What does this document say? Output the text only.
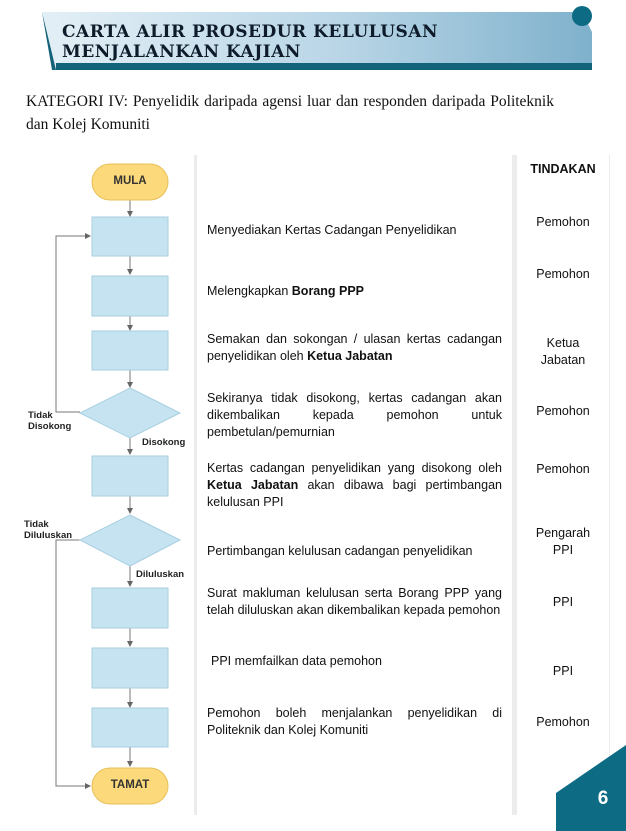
CARTA ALIR PROSEDUR KELULUSAN MENJALANKAN KAJIAN
KATEGORI IV: Penyelidik daripada agensi luar dan responden daripada Politeknik dan Kolej Komuniti
MULA
TAMAT
Tidak
Disokong
Disokong
Tidak
Diluluskan
Diluluskan
TINDAKAN
Menyediakan Kertas Cadangan Penyelidikan
Melengkapkan Borang PPP
Semakan dan sokongan / ulasan kertas cadangan penyelidikan oleh Ketua Jabatan
Sekiranya tidak disokong, kertas cadangan akan dikembalikan kepada pemohon untuk pembetulan/pemurnian
Kertas cadangan penyelidikan yang disokong oleh Ketua Jabatan akan dibawa bagi pertimbangan kelulusan PPI
Pertimbangan kelulusan cadangan penyelidikan
Surat makluman kelulusan serta Borang PPP yang telah diluluskan akan dikembalikan kepada pemohon
PPI memfailkan data pemohon
Pemohon boleh menjalankan penyelidikan di Politeknik dan Kolej Komuniti
Pemohon
Pemohon
Ketua Jabatan
Pemohon
Pemohon
Pengarah PPI
PPI
PPI
Pemohon
6
